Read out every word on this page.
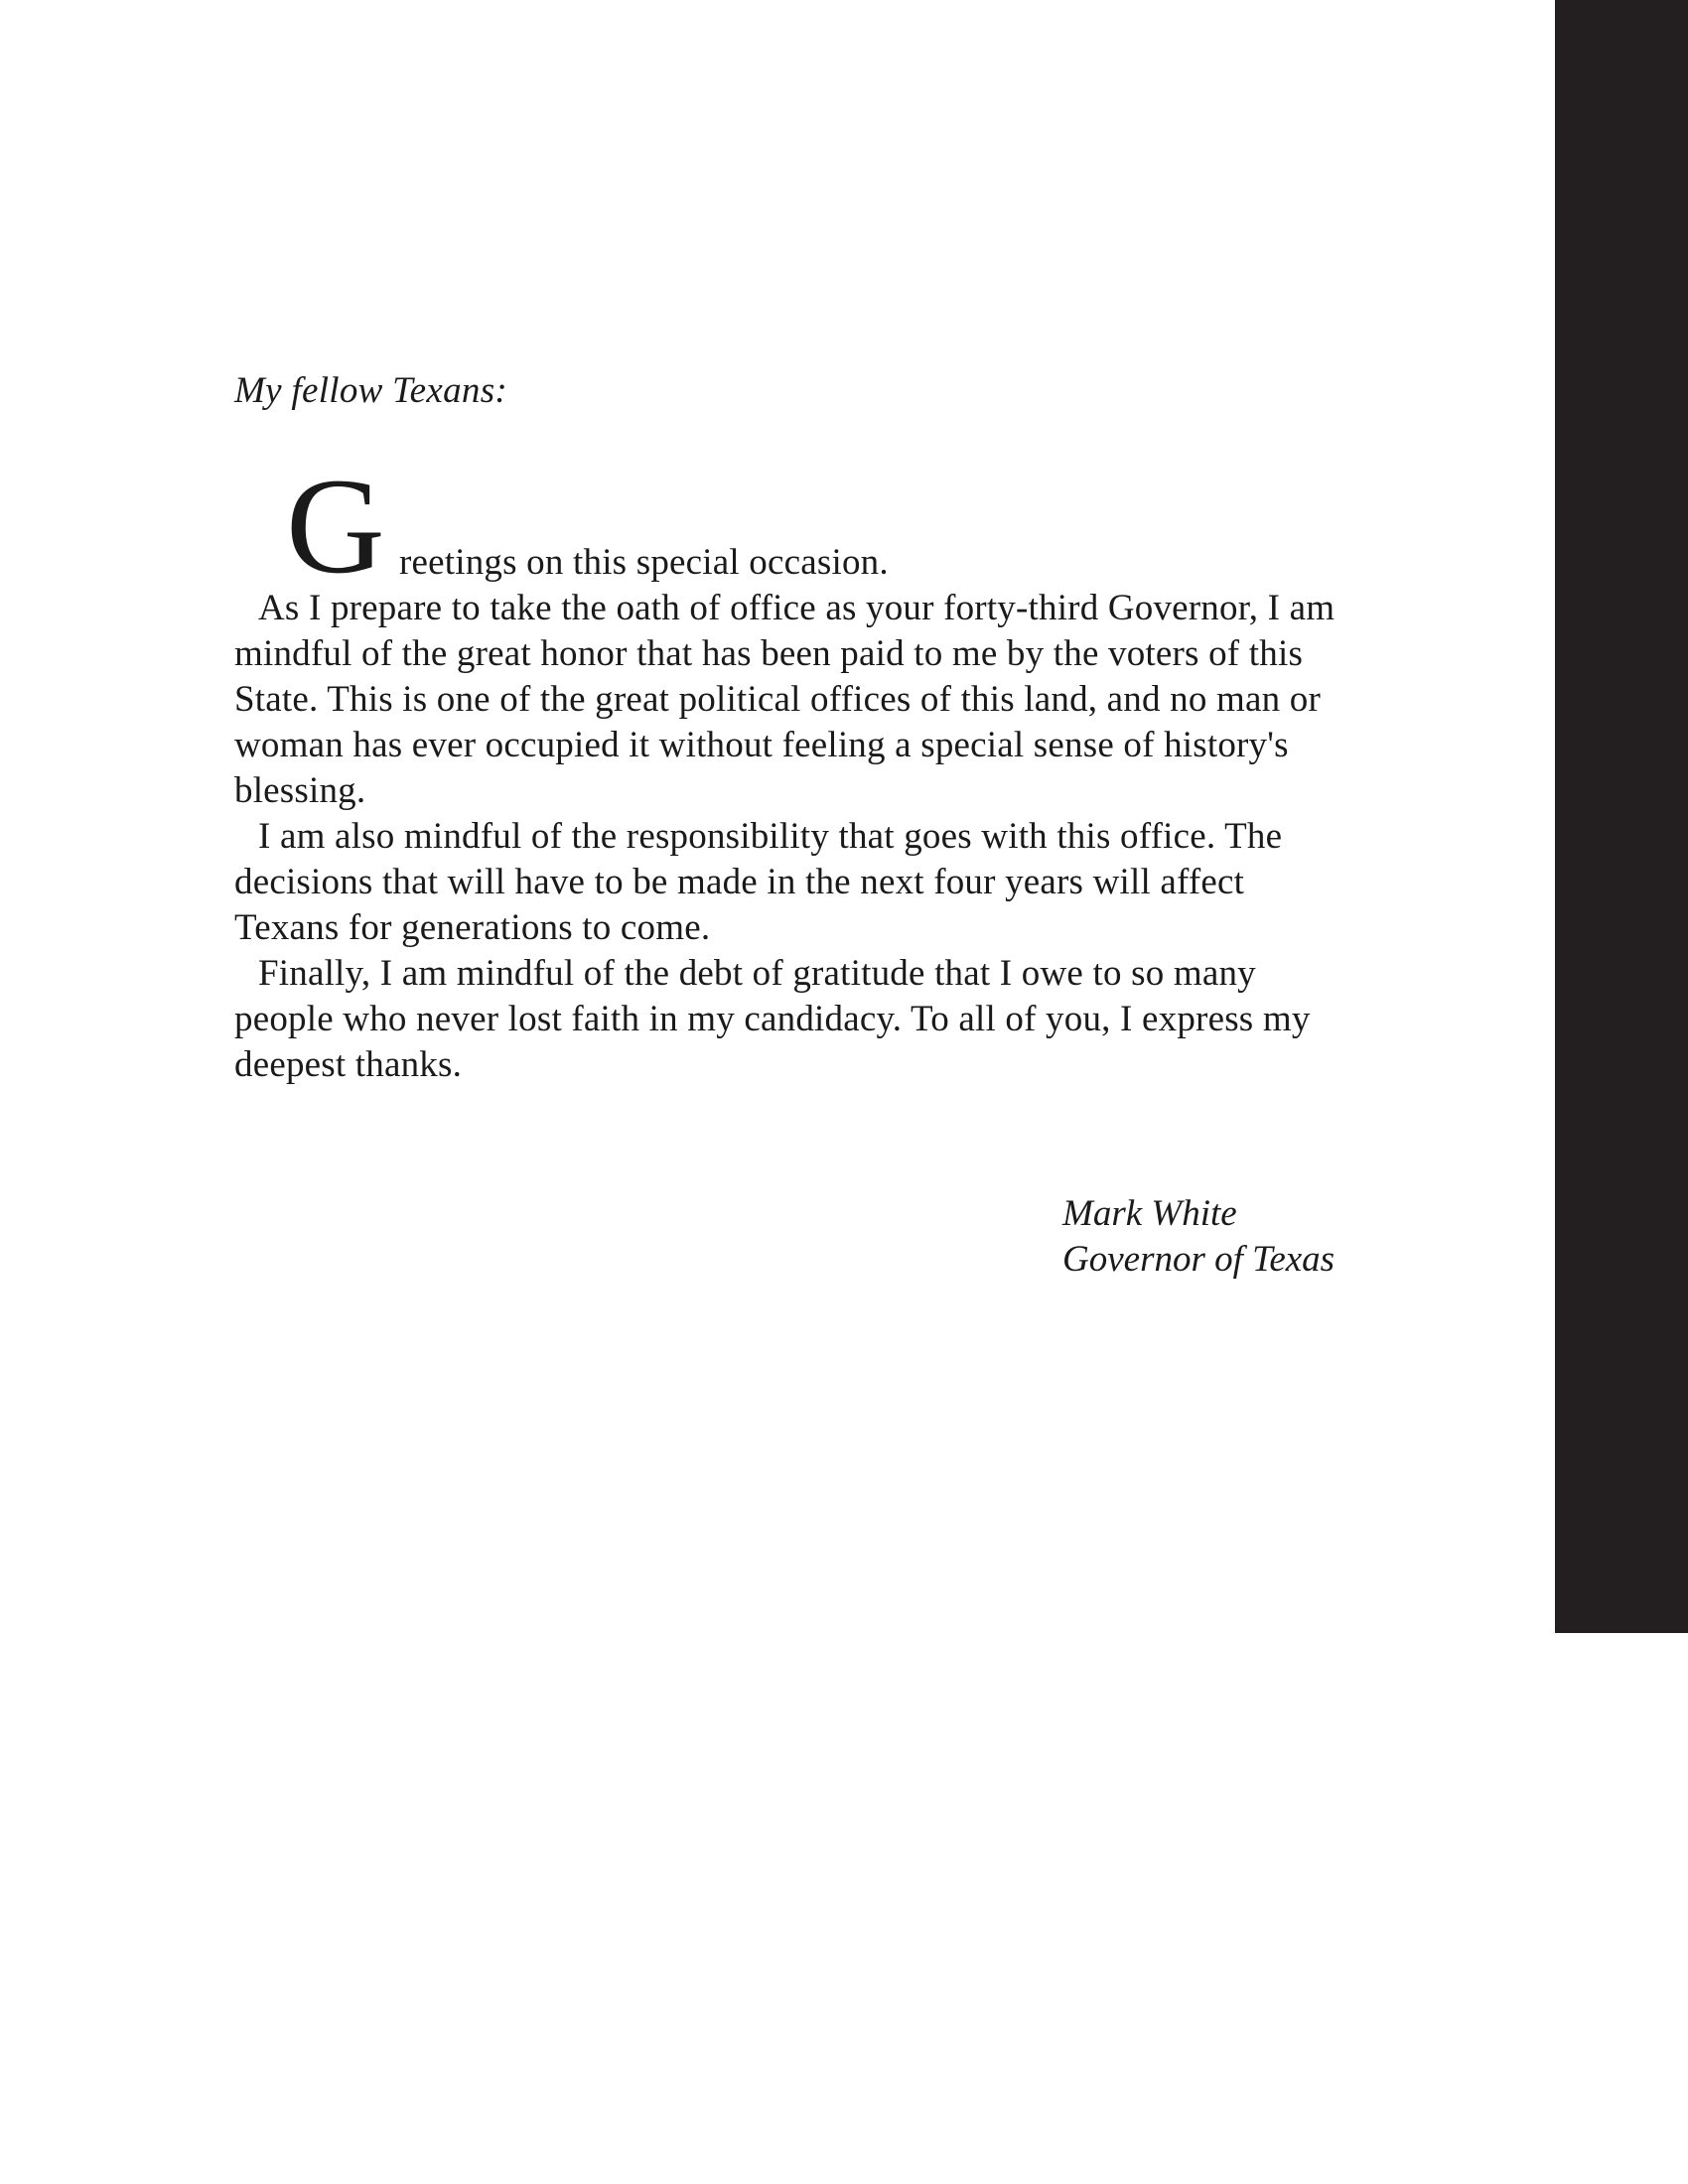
My fellow Texans:

G reetings on this special occasion.
As I prepare to take the oath of office as your forty-third Governor, I am
mindful of the great honor that has been paid to me by the voters of this
State. This is one of the great political offices of this land, and no man or
woman has ever occupied it without feeling a special sense of history's
blessing.
I am also mindful of the responsibility that goes with this office. The
decisions that will have to be made in the next four years will affect
Texans for generations to come.
Finally, I am mindful of the debt of gratitude that I owe to so many
people who never lost faith in my candidacy. To all of you, I express my
deepest thanks.
Mark White
Governor of Texas
